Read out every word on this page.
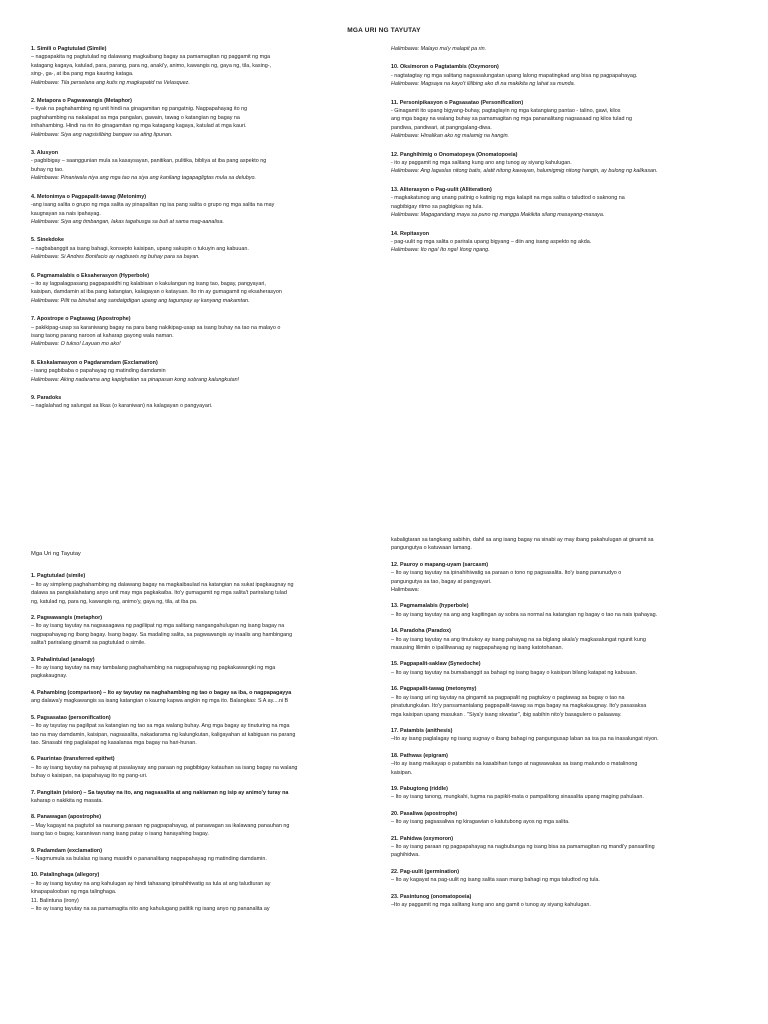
MGA URI NG TAYUTAY
1. Simili o Pagtutulad (Simile)
– nagpapakita ng pagtutulad ng dalawang magkaibang bagay sa pamamagitan ng paggamit ng mga
katagang kagaya, katulad, para, parang, para ng, anaki'y, animo, kawangis ng, gaya ng, tila, kasing-,
sing-, ga-, at iba pang mga kauring kataga.
Halimbawa: Tila perselana ang kutis ng magkapatid na Velasquez.
2. Metapora o Pagwawangis (Metaphor)
– tiyak na paghahambing ng unit hindi na ginagamitan ng pangatnig. Nagpapahayag ito ng
paghahambing na nakalapat sa mga pangalan, gawain, tawag o katangian ng bagay na
inihahambing. Hindi na rin ito ginagamitan ng mga katagang kagaya, katulad at mga kauri.
Halimbawa: Siya ang nagsisilbing bangaw sa ating lipunan.
3. Alusyon
- pagbibigay – saanggunian mula sa kasaysayan, panitikan, pulitika, bibliya at iba pang aspekto ng
buhay ng tao.
Halimbawa: Pinaniwala niya ang mga tao na siya ang kanilang tagapagligtas mula sa delubyo.
4. Metonimya o Pagpapalit-tawag (Metonimy)
-ang isang salita o grupo ng mga salita ay pinapalitan ng isa pang salita o grupo ng mga salita na may
kaugnayan sa nais ipahayag.
Halimbawa: Siya ang timbangan, lakas tagahusga sa buti at sama mag-aanalisa.
5. Sinekdoke
– nagbabanggit sa isang bahagi, konsepto kaisipan, upang sakupin o tukuyin ang kabuuan.
Halimbawa: Si Andres Bonifacio ay nagbuwis ng buhay para sa bayan.
6. Pagmamalabis o Eksaherasyon (Hyperbole)
– ito ay lagpalagpasang pagpapasidhi ng kalabisan o kakulangan ng isang tao, bagay, pangyayari,
kaisipan, damdamin at iba pang katangian, kalagayan o katayuan. Ito rin ay gumagamit ng eksaherasyon
Halimbawa: Pilit na binuhat ang sandaigdigan upang ang tagumpay ay kanyang makamtan.
7. Apostrope o Pagtawag (Apostrophe)
– pakikipag-usap sa karaniwang bagay na para bang nakikipag-usap sa isang buhay na tao na malayo o
isang taong parang naroon at kaharap gayong wala naman.
Halimbawa: O tukso! Layuan mo ako!
8. Ekskalamasyon o Pagdaramdam (Exclamation)
- isang pagbibaba o papahayag ng matinding damdamin
Halimbawa: Aking nadarama ang kapighatian sa pinapasan kong sobrang kalungkutan!
9. Paradoks
– naglalahad ng salungat sa likas (o karaniwan) na kalagayan o pangyayari.
Halimbawa: Malayo ma'y malapit pa rin.
10. Oksimoron o Pagtatambis (Oxymoron)
- nagtatagtay ng mga salitang nagsasalungatan upang lalong mapatingkad ang bisa ng pagpapahayag.
Halimbawa: Magsaya na kayo't ililibing ako di na makikita ng lahat sa munda.
11. Personipikasyon o Pagsasatao (Personification)
- Ginagamit ito upang bigyang-buhay, pagtaglayin ng mga katangiang pantao - talino, gawi, kilos
ang mga bagay na walang buhay sa pamamagitan ng mga pananalitang nagsasaad ng kilos tulad ng
pandiwa, pandiwari, at pangngalang-diwa.
Halimbawa: Hinalikan ako ng malamig na hangin.
12. Panghihimig o Onomatopeya (Onomatopoeia)
- ito ay paggamit ng mga salitang kung ano ang tunog ay siyang kahulugan.
Halimbawa: Ang lagaslas nitong batis, alatit nitong kawayan, halumigmig nitong hangin, ay bulong ng kalikasan.
13. Aliterasyon o Pag-uulit (Alliteration)
- magkakatunog ang unang patinig o katinig ng mga kalapit na mga salita o taludtod o saknong na
nagbibigay ritmo sa pagbigkas ng tula.
Halimbawa: Magagandang maya sa puno ng mangga Makikita silang masayang-masaya.
14. Repitasyon
- pag-uulit ng mga salita o parirala upang bigyang – diin ang isang aspekto ng akda.
Halimbawa: Ito nga! Ito nga! Itong ngang.
Mga Uri ng Tayutay
1. Pagtutulad (simile)
– Ito ay simpleng paghahambing ng dalawang bagay na magkaibaulad na katangian na sukat ipagkaugnay ng
dalawa sa pangkalahatang anyo unit may mga pagkakaiba. Ito'y gumagamit ng mga salita't pariralang tulad
ng, katulad ng, para ng, kawangis ng, animo'y, gaya ng, tila, at iba pa.
2. Pagwawangis (metaphor)
– Ito ay isang tayutay na nagsasagawa ng pagiliipat ng mga salitang nangangahulugan ng isang bagay na
nagpapahayag ng ibang bagay. Isang bagay. Sa madaling salita, sa pagwawangis ay inaalis ang hambingang
salita't pariralang ginamit sa pagtutulad o simile.
3. Pahalintulad (analogy)
– Ito ay isang tayutay na may tambalang paghahambing na nagpapahayag ng pagkakawangki ng mga
pagkakaugnay.
4. Pahambing (comparison) – Ito ay tayutay na naghahambing ng tao o bagay sa iba, o nagpapagayya
ang dalawa'y magkawangis sa isang katangian o kaurng kapwa angkin ng mga ito. Balangkas: S A ay....ni B
5. Pagsasatao (personification)
– Ito ay tayutay na pagilipat sa katangian ng tao sa mga walang buhay. Ang mga bagay ay tinuturing na mga
tao na may damdamin, kaisipan, nagsasalita, nakadarama ng kalungkutan, kaligayahan at kabiguan na parang
tao. Sinasabi ring paglalapat ng kasalansa mga bagay na hari-hunan.
6. Paurintao (transferred epithet)
– Ito ay isang tayutay na pahayag at pasalaysay ang paraan ng pagbibigay katauhan sa isang bagay na walang
buhay o kaisipan, na ipapahayag ito ng pang-uri.
7. Pangitain (vision) – Sa tayutay na ito, ang nagsasalita at ang nakiaman ng isip ay animo'y turay na
kaharap o nakikita ng masata.
8. Panawagan (apostrophe)
– May kagayat na pagtutol sa naunang paraan ng pagpapahayag, at panawagan sa ikalawang panauhan ng
isang tao o bagay, karaniwan nang isang patay o isang hanayahing bagay.
9. Padamdam (exclamation)
– Nagmumula sa bulalas ng isang masidhi o pananalitang nagpapahayag ng matinding damdamin.
10. Patalinghaga (allegory)
– Ito ay isang tayutay na ang kahulugan ay hindi tahasang ipinahihiwatig sa tula at ang taludturan ay
kinapapalooban ng mga talinghaga.
11. Balintuna (irony)
– Ito ay isang tayutay na sa pamamagita nito ang kahulugang patitik ng isang anyo ng pananalita ay
kabaligtaran sa tangkang sabihin, dahil sa ang isang bagay na sinabi ay may ibang pakahulugan at ginamit sa
pangungutya o katuwaan lamang.
12. Pauroy o mapang-uyam (sarcasm)
– Ito ay isang tayutay na ipinahihiwatig sa paraan o tono ng pagsasalita. Ito'y isang panunudyo o
pangungutya sa tao, bagay at pangyayari.
Halimbawa:
13. Pagmamalabis (hyperbole)
– Ito ay isang tayutay na ang ang kagitingan ay sobra sa normal na katangian ng bagay o tao na nais ipahayag.
14. Paradoha (Paradox)
– Ito ay isang tayutay na ang tinutukoy ay isang pahayag na sa biglang akala'y magkasalungat ngunit kung
masusing lilimiin o ipaliliwanag ay nagpapahayag ng isang katotohanan.
15. Pagpapalit-saklaw (Synedoche)
– Ito ay isang tayutay na bumabanggit sa bahagi ng isang bagay o kaisipan bilang katapat ng kabuuan.
16. Pagpapalit-tawag (metonymy)
– Ito ay isang uri ng tayutay na gingamit sa pagpapalit ng pagtukoy o pagtawag sa bagay o tao na
pinatutungkulan. Ito'y pansamantalang pagpapalit-tawag sa mga bagay na magkakaugnay. Ito'y pasasaksa
mga kaisipan upang masukan . "Siya'y isang skwatar", ibig sabihin nito'y basagulero o palaaway.
17. Patambis (anithesis)
–Ito ay isang paglalagay ng isang sugnay o ibang bahagi ng pangungusap laban sa isa pa na inasalungat niyon.
18. Pathwas (epigram)
–Ito ay isang maikayap o patambis na kasabihan tungo at nagwawakas sa isang malundo o matalinong
kaisipan.
19. Pabugtong (riddle)
– Ito ay isang tanong, mungkahi, tugma na papikit-mata o pampalitong sinasalita upang maging pahulaan.
20. Pasaliwa (apostrophe)
– Ito ay isang pagsasaliwa ng kiragawian o katutubong ayos ng mga salita.
21. Pahidwa (oxymoron)
– Ito ay isang paraan ng pagpapahayag na nagbubunga ng isang bisa sa pamamagitan ng mandi'y pansariling
paghihidwa.
22. Pag-uulit (germination)
– Ito ay kagayat na pag-uulit ng isang salita saan mang bahagi ng mga taludtod ng tula.
23. Pasintunog (onomatopoeia)
–Ito ay paggamit ng mga salitang kung ano ang gamit o tunog ay siyang kahulugan.
